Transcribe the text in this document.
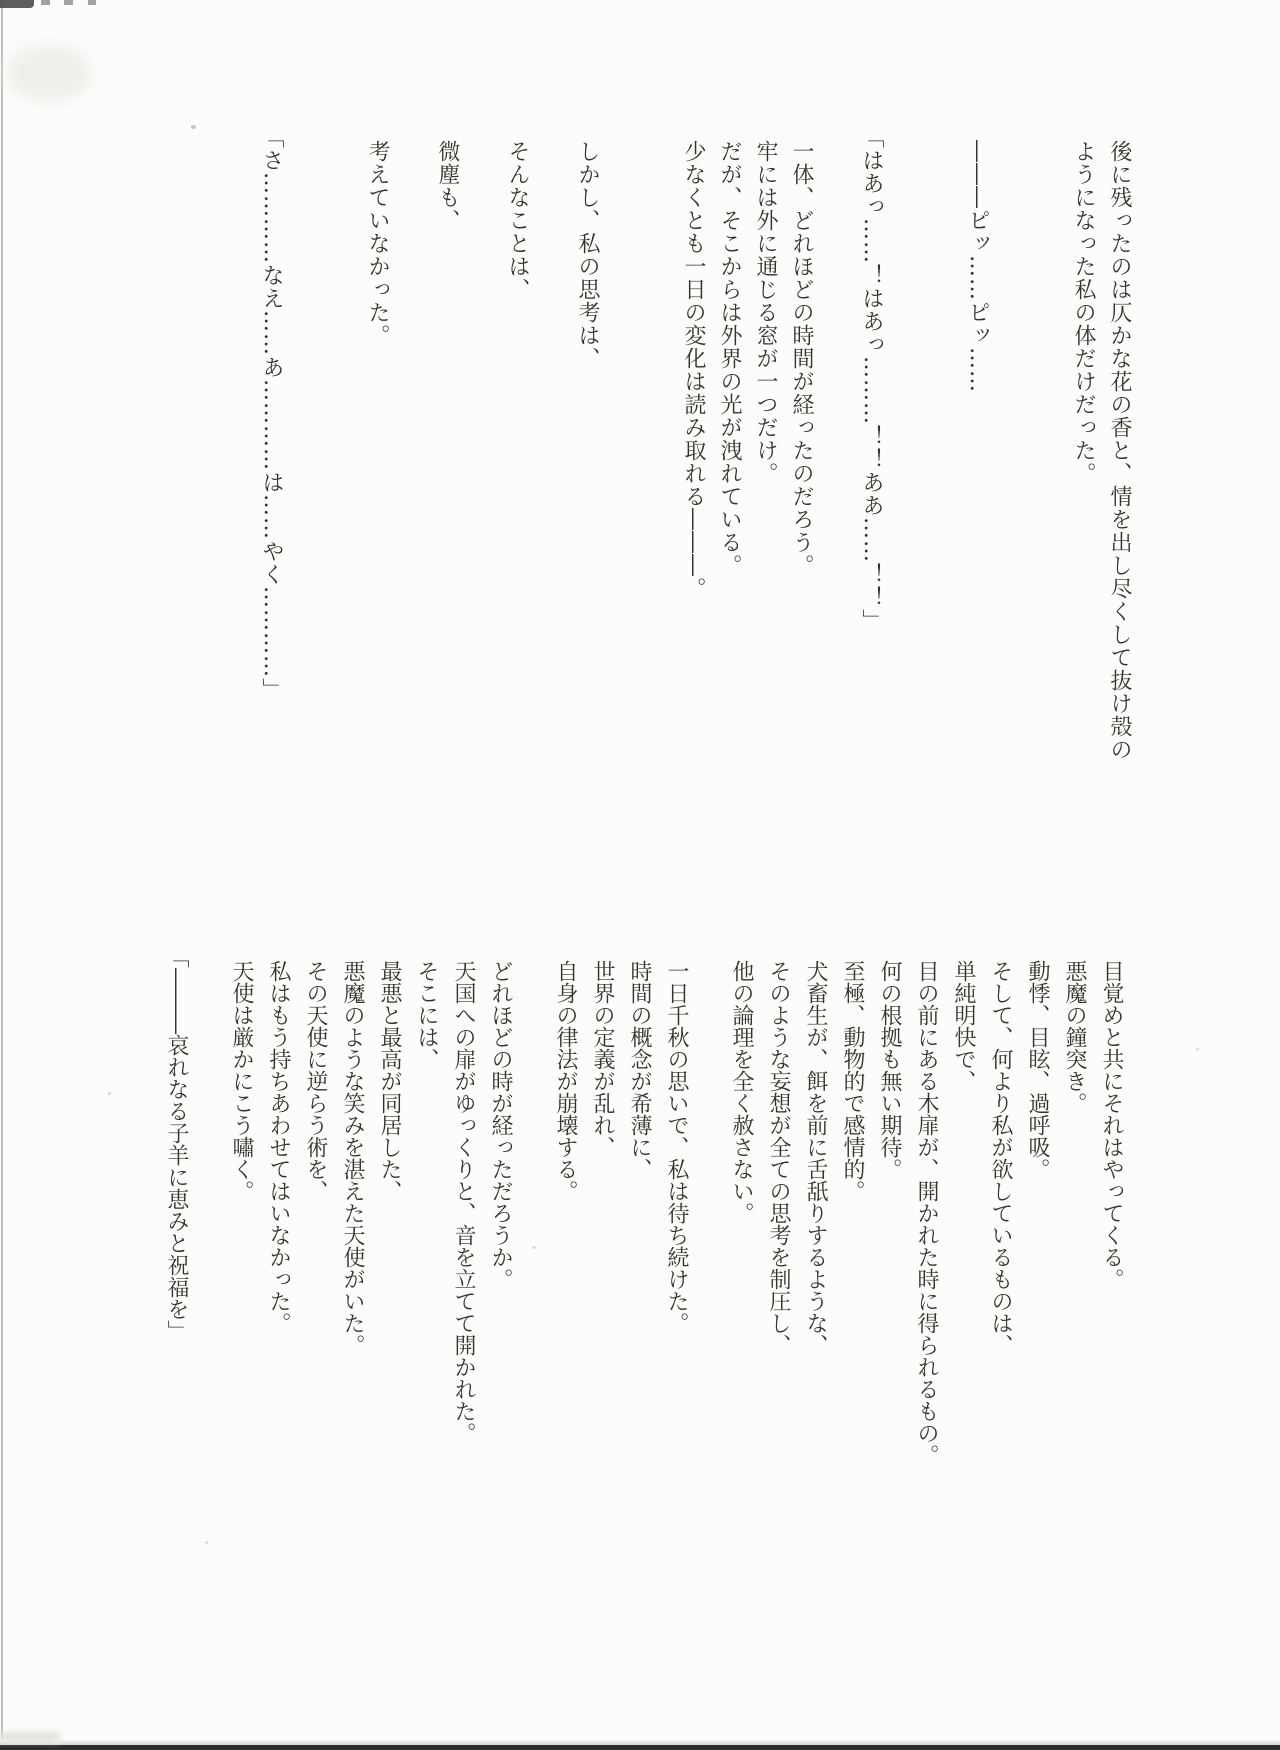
後に残ったのは仄かな花の香と、情を出し尽くして抜け殻の
ようになった私の体だけだった。
―――ピッ……ピッ……
「はあっ……！はあっ………！！ああ……！！」
一体、どれほどの時間が経ったのだろう。
牢には外に通じる窓が一つだけ。
だが、そこからは外界の光が洩れている。
少なくとも一日の変化は読み取れる―――。
しかし、私の思考は、
そんなことは、
微塵も、
考えていなかった。
「さ…………なえ……あ…………は……やく…………」
目覚めと共にそれはやってくる。
悪魔の鐘突き。
動悸、目眩、過呼吸。
そして、何より私が欲しているものは、
単純明快で、
目の前にある木扉が、開かれた時に得られるもの。
何の根拠も無い期待。
至極、動物的で感情的。
犬畜生が、餌を前に舌舐りするような、
そのような妄想が全ての思考を制圧し、
他の論理を全く赦さない。
一日千秋の思いで、私は待ち続けた。
時間の概念が希薄に、
世界の定義が乱れ、
自身の律法が崩壊する。
どれほどの時が経っただろうか。
天国への扉がゆっくりと、音を立てて開かれた。
そこには、
最悪と最高が同居した、
悪魔のような笑みを湛えた天使がいた。
その天使に逆らう術を、
私はもう持ちあわせてはいなかった。
天使は厳かにこう嘯く。
「―――哀れなる子羊に恵みと祝福を」
